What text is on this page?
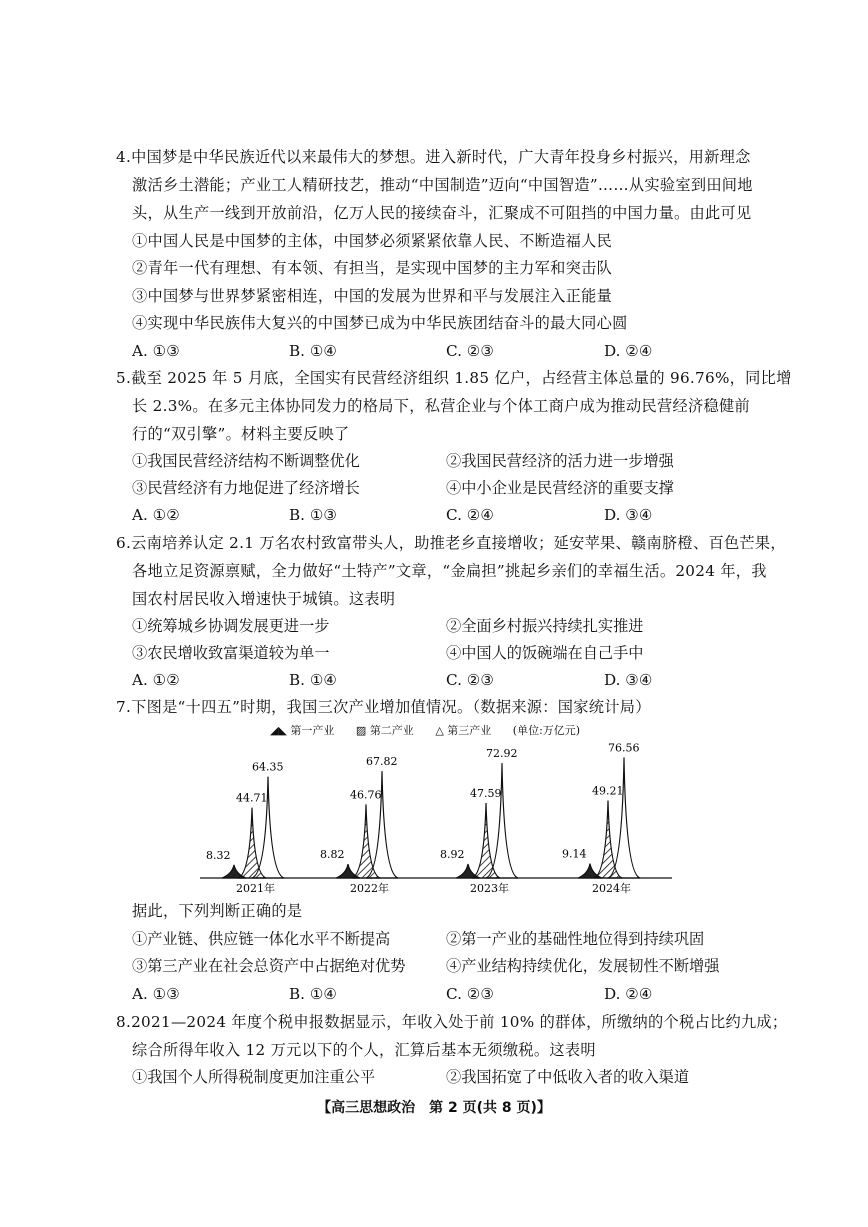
4.中国梦是中华民族近代以来最伟大的梦想。进入新时代，广大青年投身乡村振兴，用新理念
激活乡土潜能；产业工人精研技艺，推动“中国制造”迈向“中国智造”……从实验室到田间地
头，从生产一线到开放前沿，亿万人民的接续奋斗，汇聚成不可阻挡的中国力量。由此可见
①中国人民是中国梦的主体，中国梦必须紧紧依靠人民、不断造福人民
②青年一代有理想、有本领、有担当，是实现中国梦的主力军和突击队
③中国梦与世界梦紧密相连，中国的发展为世界和平与发展注入正能量
④实现中华民族伟大复兴的中国梦已成为中华民族团结奋斗的最大同心圆
A. ①③	B. ①④	C. ②③	D. ②④
5.截至 2025 年 5 月底，全国实有民营经济组织 1.85 亿户，占经营主体总量的 96.76%，同比增
长 2.3%。在多元主体协同发力的格局下，私营企业与个体工商户成为推动民营经济稳健前
行的“双引擎”。材料主要反映了
①我国民营经济结构不断调整优化	②我国民营经济的活力进一步增强
③民营经济有力地促进了经济增长	④中小企业是民营经济的重要支撑
A. ①②	B. ①③	C. ②④	D. ③④
6.云南培养认定 2.1 万名农村致富带头人，助推老乡直接增收；延安苹果、赣南脐橙、百色芒果，
各地立足资源禀赋，全力做好“土特产”文章，“金扁担”挑起乡亲们的幸福生活。2024 年，我
国农村居民收入增速快于城镇。这表明
①统筹城乡协调发展更进一步	②全面乡村振兴持续扎实推进
③农民增收致富渠道较为单一	④中国人的饭碗端在自己手中
A. ①②	B. ①④	C. ②③	D. ③④
7.下图是“十四五”时期，我国三次产业增加值情况。（数据来源：国家统计局）
◢◣ 第一产业 ▨ 第二产业 △ 第三产业 (单位:万亿元)
8.32
44.71
64.35
2021年
8.82
46.76
67.82
2022年
8.92
47.59
72.92
2023年
9.14
49.21
76.56
2024年
据此，下列判断正确的是
①产业链、供应链一体化水平不断提高	②第一产业的基础性地位得到持续巩固
③第三产业在社会总资产中占据绝对优势	④产业结构持续优化，发展韧性不断增强
A. ①③	B. ①④	C. ②③	D. ②④
8.2021—2024 年度个税申报数据显示，年收入处于前 10% 的群体，所缴纳的个税占比约九成；
综合所得年收入 12 万元以下的个人，汇算后基本无须缴税。这表明
①我国个人所得税制度更加注重公平	②我国拓宽了中低收入者的收入渠道
【高三思想政治　第 2 页(共 8 页)】
